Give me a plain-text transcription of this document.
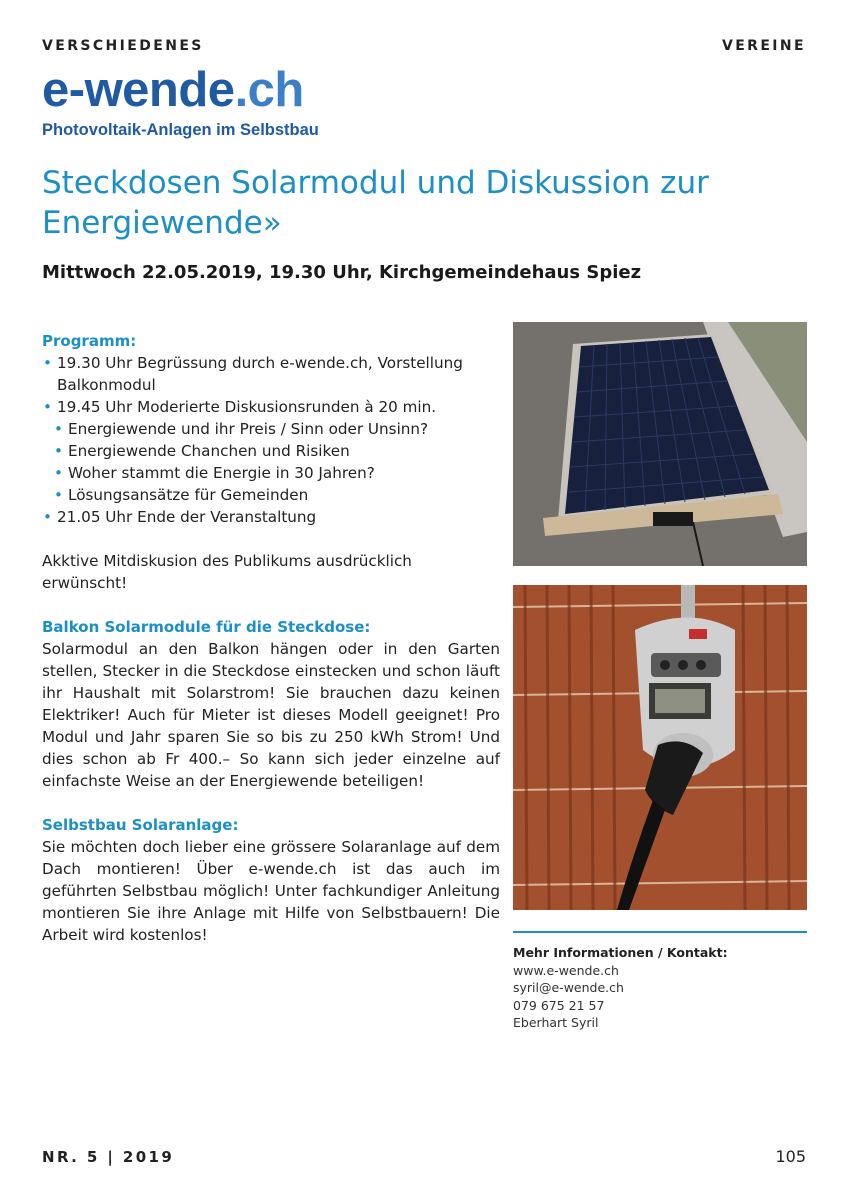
VERSCHIEDENES	VEREINE
e-wende.ch
Photovoltaik-Anlagen im Selbstbau
Steckdosen Solarmodul und Diskussion zur Energiewende»
Mittwoch 22.05.2019, 19.30 Uhr, Kirchgemeindehaus Spiez
Programm:
• 19.30 Uhr Begrüssung durch e-wende.ch, Vorstellung Balkonmodul
• 19.45 Uhr Moderierte Diskusionsrunden à 20 min.
• Energiewende und ihr Preis / Sinn oder Unsinn?
• Energiewende Chanchen und Risiken
• Woher stammt die Energie in 30 Jahren?
• Lösungsansätze für Gemeinden
• 21.05 Uhr Ende der Veranstaltung

Akktive Mitdiskusion des Publikums ausdrücklich erwünscht!

Balkon Solarmodule für die Steckdose:

Solarmodul an den Balkon hängen oder in den Garten stellen, Stecker in die Steckdose einstecken und schon läuft ihr Haushalt mit Solarstrom! Sie brauchen dazu keinen Elektriker! Auch für Mieter ist dieses Modell geeignet! Pro Modul und Jahr sparen Sie so bis zu 250 kWh Strom! Und dies schon ab Fr 400.– So kann sich jeder einzelne auf einfachste Weise an der Energiewende beteiligen!

Selbstbau Solaranlage:

Sie möchten doch lieber eine grössere Solaranlage auf dem Dach montieren! Über e-wende.ch ist das auch im geführten Selbstbau möglich! Unter fachkundiger Anleitung montieren Sie ihre Anlage mit Hilfe von Selbstbauern! Die Arbeit wird kostenlos!

Mehr Informationen / Kontakt:
www.e-wende.ch
syril@e-wende.ch
079 675 21 57
Eberhart Syril
NR. 5 | 2019	105
